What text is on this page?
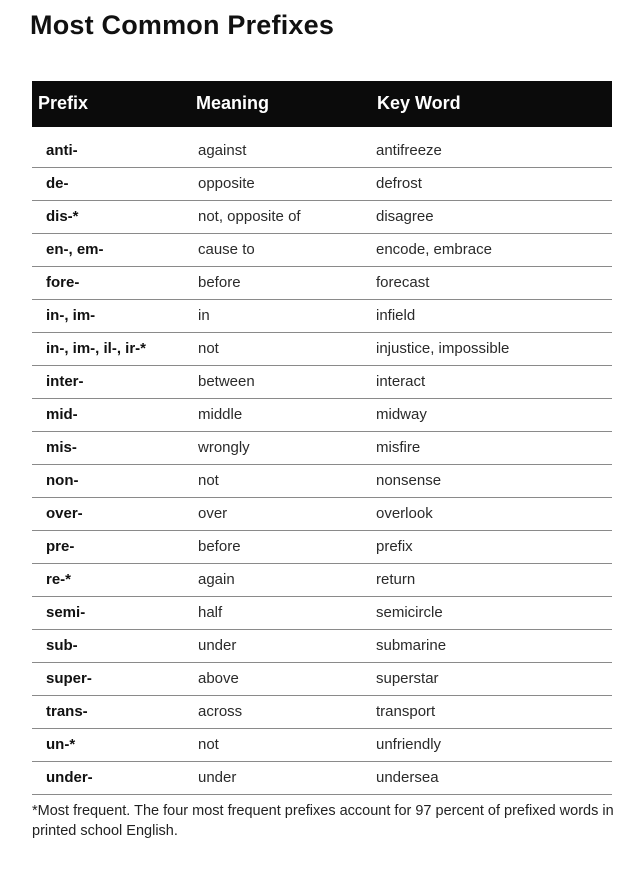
Most Common Prefixes
Prefix	Meaning	Key Word
anti-	against	antifreeze
de-	opposite	defrost
dis-*	not, opposite of	disagree
en-, em-	cause to	encode, embrace
fore-	before	forecast
in-, im-	in	infield
in-, im-, il-, ir-*	not	injustice, impossible
inter-	between	interact
mid-	middle	midway
mis-	wrongly	misfire
non-	not	nonsense
over-	over	overlook
pre-	before	prefix
re-*	again	return
semi-	half	semicircle
sub-	under	submarine
super-	above	superstar
trans-	across	transport
un-*	not	unfriendly
under-	under	undersea
*Most frequent. The four most frequent prefixes account for 97 percent of prefixed words in printed school English.
